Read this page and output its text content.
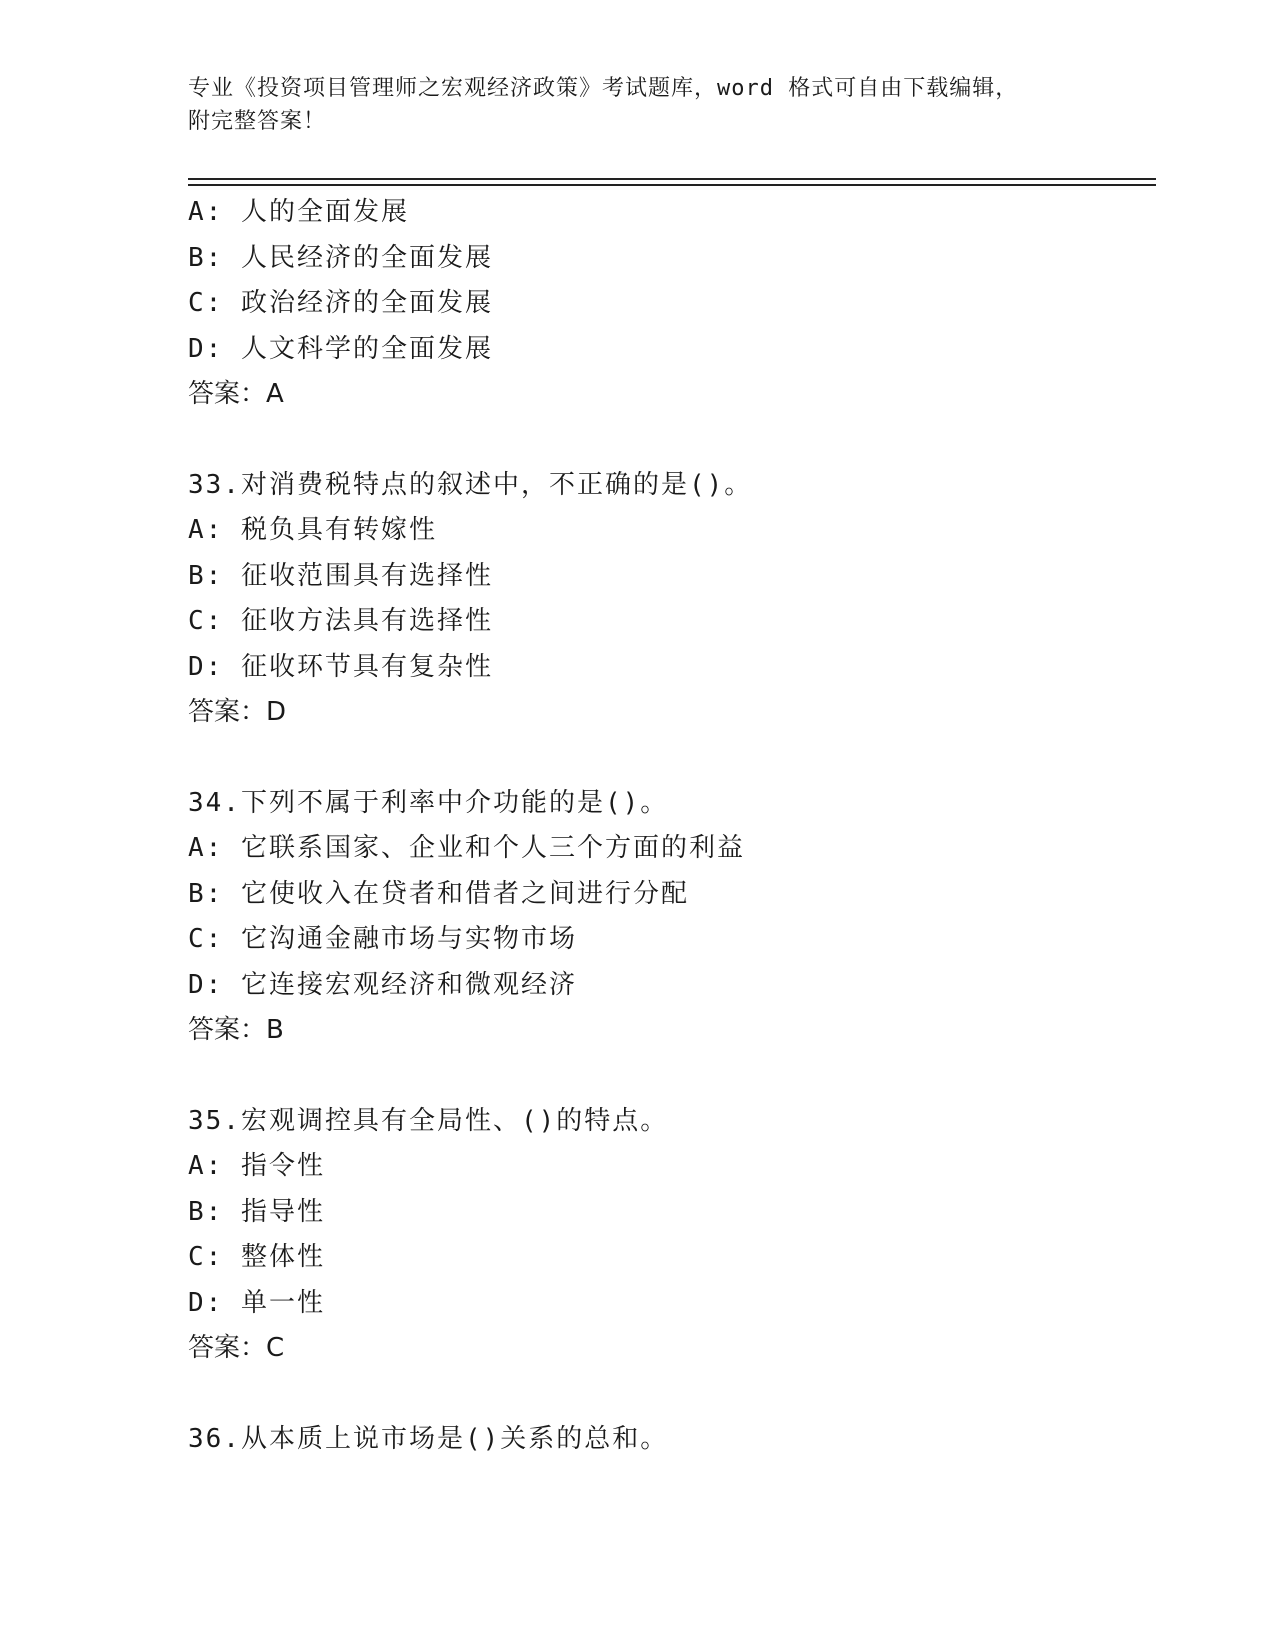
专业《投资项目管理师之宏观经济政策》考试题库，word 格式可自由下载编辑，
附完整答案！
A: 人的全面发展
B: 人民经济的全面发展
C: 政治经济的全面发展
D: 人文科学的全面发展
答案：A
33.对消费税特点的叙述中，不正确的是()。
A: 税负具有转嫁性
B: 征收范围具有选择性
C: 征收方法具有选择性
D: 征收环节具有复杂性
答案：D
34.下列不属于利率中介功能的是()。
A: 它联系国家、企业和个人三个方面的利益
B: 它使收入在贷者和借者之间进行分配
C: 它沟通金融市场与实物市场
D: 它连接宏观经济和微观经济
答案：B
35.宏观调控具有全局性、()的特点。
A: 指令性
B: 指导性
C: 整体性
D: 单一性
答案：C
36.从本质上说市场是()关系的总和。
